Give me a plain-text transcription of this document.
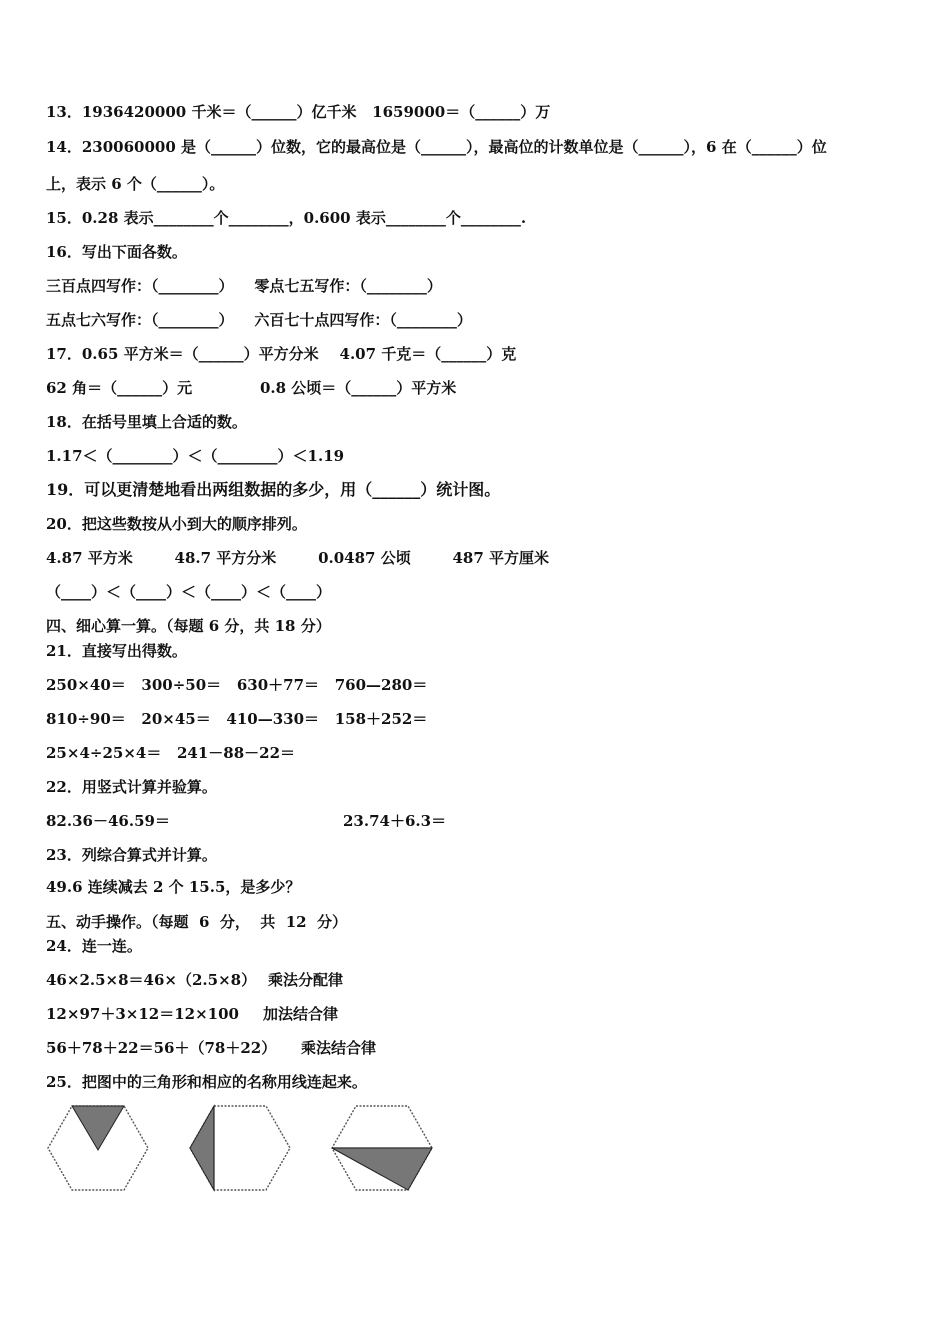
13．1936420000 千米＝（______）亿千米   1659000＝（______）万
14．230060000 是（______）位数，它的最高位是（______），最高位的计数单位是（______），6 在（______）位
上，表示 6 个（______）。
15．0.28 表示________个________，0.600 表示________个________.
16．写出下面各数。
三百点四写作：（________）    零点七五写作：（________）
五点七六写作：（________）    六百七十点四写作：（________）
17．0.65 平方米＝（______）平方分米    4.07 千克＝（______）克
62 角＝（______）元             0.8 公顷＝（______）平方米
18．在括号里填上合适的数。
1.17＜（________）＜（________）＜1.19
19．可以更清楚地看出两组数据的多少，用（______）统计图。
20．把这些数按从小到大的顺序排列。
4.87 平方米        48.7 平方分米        0.0487 公顷        487 平方厘米
（____）＜（____）＜（____）＜（____）
四、细心算一算。（每题 6 分，共 18 分）
21．直接写出得数。
250×40＝   300÷50＝   630＋77＝   760—280＝
810÷90＝   20×45＝   410—330＝   158＋252＝
25×4÷25×4＝   241－88－22＝
22．用竖式计算并验算。
82.36－46.59＝	23.74＋6.3＝
23．列综合算式并计算。
49.6 连续减去 2 个 15.5，是多少？
五、动手操作。（每题  6  分，  共  12  分）
24．连一连。
46×2.5×8＝46×（2.5×8） 乘法分配律
12×97＋3×12＝12×100 加法结合律
56＋78＋22＝56＋（78＋22） 乘法结合律
25．把图中的三角形和相应的名称用线连起来。
